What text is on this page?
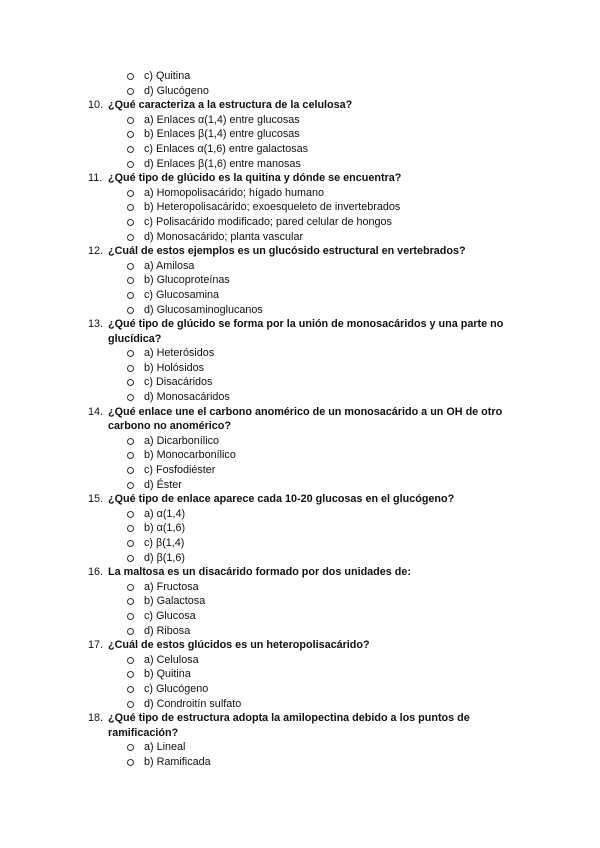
c) Quitina
d) Glucógeno
10. ¿Qué caracteriza a la estructura de la celulosa?
a) Enlaces α(1,4) entre glucosas
b) Enlaces β(1,4) entre glucosas
c) Enlaces α(1,6) entre galactosas
d) Enlaces β(1,6) entre manosas
11. ¿Qué tipo de glúcido es la quitina y dónde se encuentra?
a) Homopolisacárido; hígado humano
b) Heteropolisacárido; exoesqueleto de invertebrados
c) Polisacárido modificado; pared celular de hongos
d) Monosacárido; planta vascular
12. ¿Cuál de estos ejemplos es un glucósido estructural en vertebrados?
a) Amilosa
b) Glucoproteínas
c) Glucosamina
d) Glucosaminoglucanos
13. ¿Qué tipo de glúcido se forma por la unión de monosacáridos y una parte no glucídica?
a) Heterósidos
b) Holósidos
c) Disacáridos
d) Monosacáridos
14. ¿Qué enlace une el carbono anomérico de un monosacárido a un OH de otro carbono no anomérico?
a) Dicarbonílico
b) Monocarbonílico
c) Fosfodiéster
d) Éster
15. ¿Qué tipo de enlace aparece cada 10-20 glucosas en el glucógeno?
a) α(1,4)
b) α(1,6)
c) β(1,4)
d) β(1,6)
16. La maltosa es un disacárido formado por dos unidades de:
a) Fructosa
b) Galactosa
c) Glucosa
d) Ribosa
17. ¿Cuál de estos glúcidos es un heteropolisacárido?
a) Celulosa
b) Quitina
c) Glucógeno
d) Condroitín sulfato
18. ¿Qué tipo de estructura adopta la amilopectina debido a los puntos de ramificación?
a) Lineal
b) Ramificada
